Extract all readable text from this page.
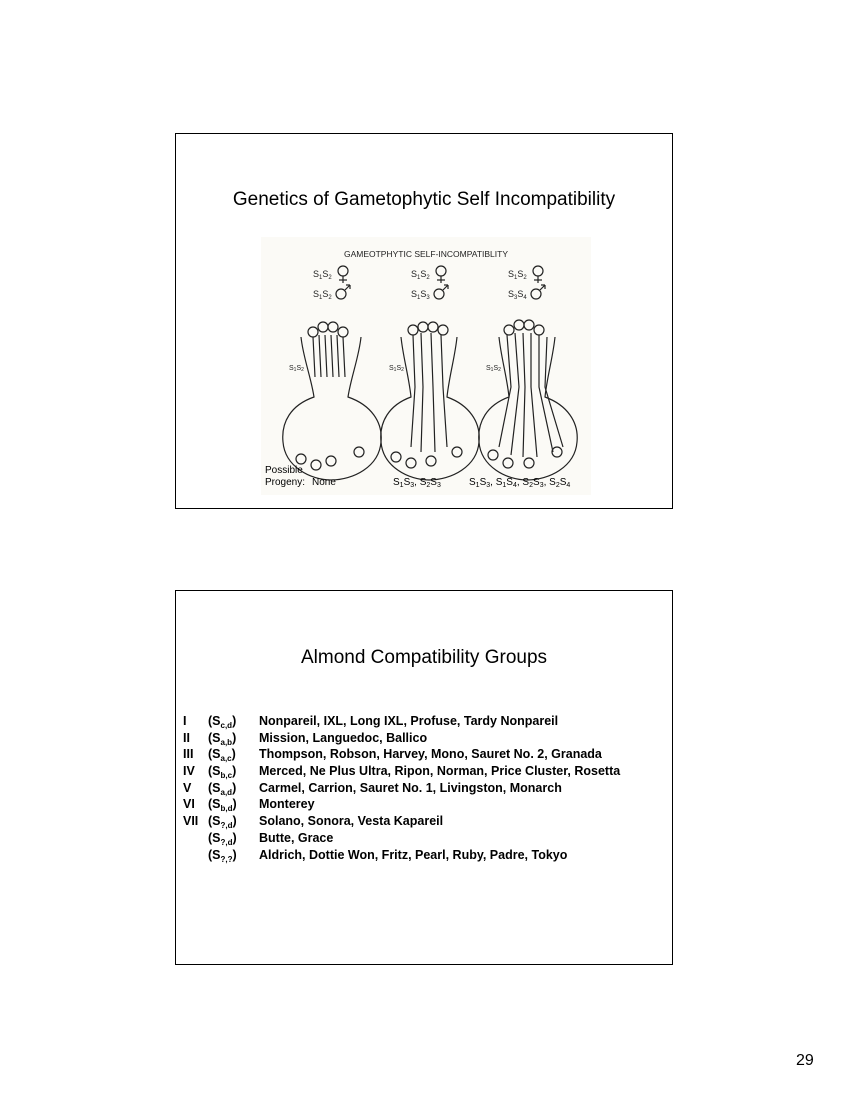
Genetics of Gametophytic Self Incompatibility
GAMEOTPHYTIC SELF-INCOMPATIBLITY
$S_1S_2$
$S_1S_2$
$S_1S_2$
$S_1S_3$
$S_1S_2$
$S_3S_4$
S1S2	S1S2	S1S2
Possible
Progeny: None	$S_1S_3$, $S_2S_3$	$S_1S_3$, $S_1S_4$, $S_2S_3$, $S_2S_4$
Almond Compatibility Groups
I $(S_{c,d})$ Nonpareil, IXL, Long IXL, Profuse, Tardy Nonpareil
II $(S_{a,b})$ Mission, Languedoc, Ballico
III $(S_{a,c})$ Thompson, Robson, Harvey, Mono, Sauret No. 2, Granada
IV $(S_{b,c})$ Merced, Ne Plus Ultra, Ripon, Norman, Price Cluster, Rosetta
V $(S_{a,d})$ Carmel, Carrion, Sauret No. 1, Livingston, Monarch
VI $(S_{b,d})$ Monterey
VII $(S_{?,d})$ Solano, Sonora, Vesta Kapareil
$(S_{?,d})$ Butte, Grace
$(S_{?,?})$ Aldrich, Dottie Won, Fritz, Pearl, Ruby, Padre, Tokyo
29
